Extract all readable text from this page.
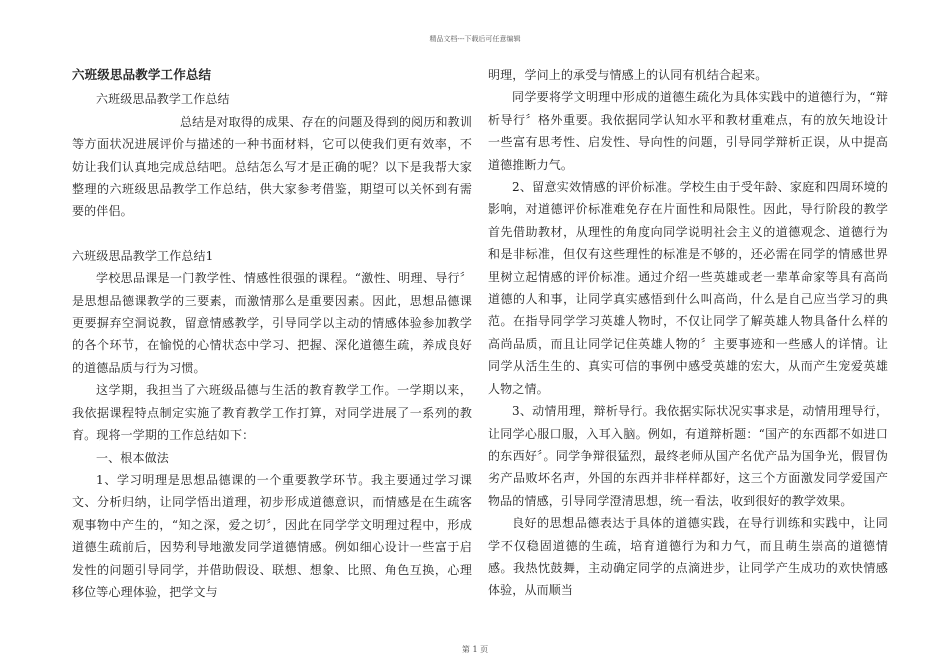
精品文档---下载后可任意编辑

六班级思品教学工作总结

六班级思品教学工作总结

总结是对取得的成果、存在的问题及得到的阅历和教训等方面状况进展评价与描述的一种书面材料，它可以使我们更有效率，不妨让我们认真地完成总结吧。总结怎么写才是正确的呢？以下是我帮大家整理的六班级思品教学工作总结，供大家参考借鉴，期望可以关怀到有需要的伴侣。

六班级思品教学工作总结1

学校思品课是一门教学性、情感性很强的课程。“激性、明理、导行〞是思想品德课教学的三要素，而激情那么是重要因素。因此，思想品德课更要摒弃空洞说教，留意情感教学，引导同学以主动的情感体验参加教学的各个环节，在愉悦的心情状态中学习、把握、深化道德生疏，养成良好的道德品质与行为习惯。

这学期，我担当了六班级品德与生活的教育教学工作。一学期以来，我依据课程特点制定实施了教育教学工作打算，对同学进展了一系列的教育。现将一学期的工作总结如下：

一、根本做法

1、学习明理是思想品德课的一个重要教学环节。我主要通过学习课文、分析归纳，让同学悟出道理，初步形成道德意识，而情感是在生疏客观事物中产生的，“知之深，爱之切〞，因此在同学学文明理过程中，形成道德生疏前后，因势利导地激发同学道德情感。例如细心设计一些富于启发性的问题引导同学，并借助假设、联想、想象、比照、角色互换，心理移位等心理体验，把学文与

明理，学问上的承受与情感上的认同有机结合起来。

同学要将学文明理中形成的道德生疏化为具体实践中的道德行为，“辩析导行〞格外重要。我依据同学认知水平和教材重难点，有的放矢地设计一些富有思考性、启发性、导向性的问题，引导同学辩析正误，从中提高道德推断力气。

2、留意实效情感的评价标准。学校生由于受年龄、家庭和四周环境的影响，对道德评价标准难免存在片面性和局限性。因此，导行阶段的教学首先借助教材，从理性的角度向同学说明社会主义的道德观念、道德行为和是非标准，但仅有这些理性的标准是不够的，还必需在同学的情感世界里树立起情感的评价标准。通过介绍一些英雄或老一辈革命家等具有高尚道德的人和事，让同学真实感悟到什么叫高尚，什么是自己应当学习的典范。在指导同学学习英雄人物时，不仅让同学了解英雄人物具备什么样的高尚品质，而且让同学记住英雄人物的〞主要事迹和一些感人的详情。让同学从活生生的、真实可信的事例中感受英雄的宏大，从而产生宠爱英雄人物之情。

3、动情用理，辩析导行。我依据实际状况实事求是，动情用理导行，让同学心服口服，入耳入脑。例如，有道辩析题：“国产的东西都不如进口的东西好〞。同学争辩很猛烈，最终老师从国产名优产品为国争光，假冒伪劣产品败坏名声，外国的东西并非样样都好，这三个方面激发同学爱国产物品的情感，引导同学澄清思想，统一看法，收到很好的教学效果。

良好的思想品德表达于具体的道德实践，在导行训练和实践中，让同学不仅稳固道德的生疏，培育道德行为和力气，而且萌生崇高的道德情感。我热忱鼓舞，主动确定同学的点滴进步，让同学产生成功的欢快情感体验，从而顺当

第 1 页
